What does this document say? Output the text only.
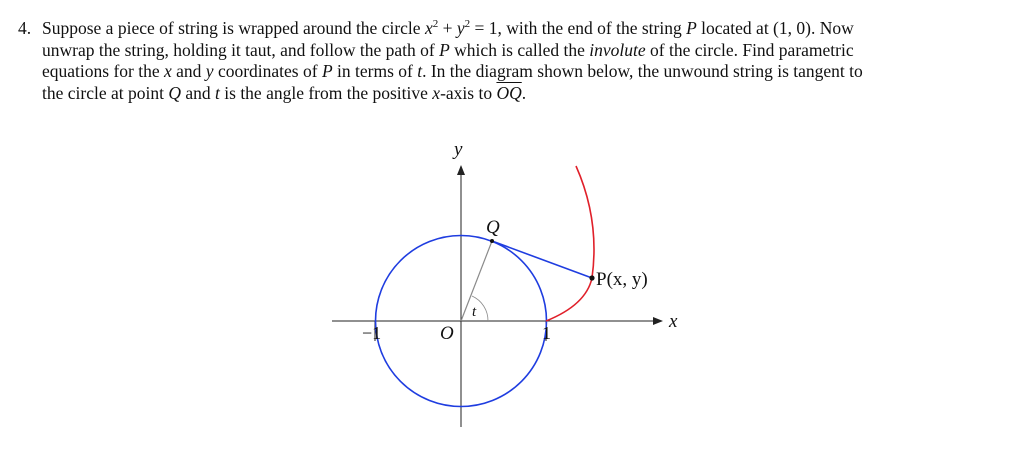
4. Suppose a piece of string is wrapped around the circle $x^2 + y^2 = 1$, with the end of the string P located at (1, 0). Now
unwrap the string, holding it taut, and follow the path of P which is called the involute of the circle. Find parametric
equations for the x and y coordinates of P in terms of t. In the diagram shown below, the unwound string is tangent to
the circle at point Q and t is the angle from the positive x-axis to $\overline{OQ}$.
y
x
O
Q
P(x, y)
t
−1	1
